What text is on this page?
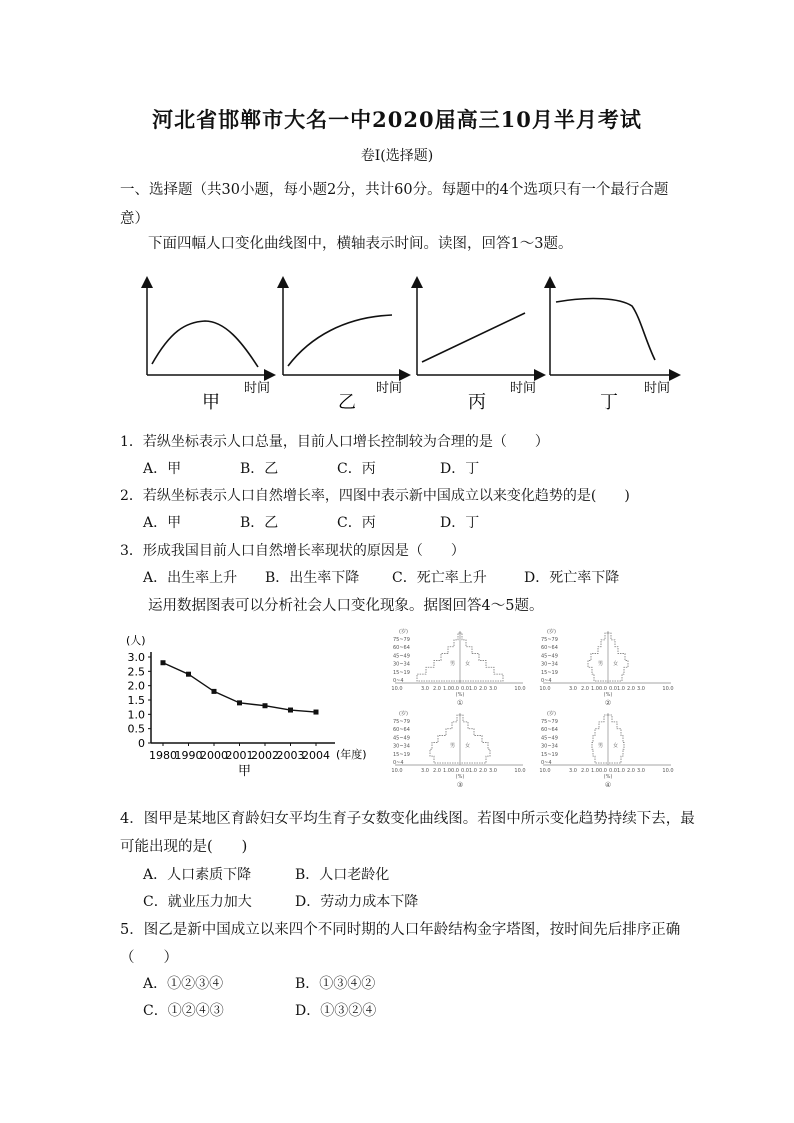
河北省邯郸市大名一中2020届高三10月半月考试
卷Ⅰ(选择题)
一、选择题（共30小题，每小题2分，共计60分。每题中的4个选项只有一个最行合题
意）
下面四幅人口变化曲线图中，横轴表示时间。读图，回答1～3题。
时间
甲
时间
乙
时间
丙
时间
丁
1．若纵坐标表示人口总量，目前人口增长控制较为合理的是（　　）
A．甲	B．乙	C．丙	D．丁
2．若纵坐标表示人口自然增长率，四图中表示新中国成立以来变化趋势的是(　　)
A．甲	B．乙	C．丙	D．丁
3．形成我国目前人口自然增长率现状的原因是（　　）
A．出生率上升 B．出生率下降 C．死亡率上升	D．死亡率下降
运用数据图表可以分析社会人口变化现象。据图回答4～5题。
(人)
0
0.5
1.0
1.5
2.0
2.5
3.0
1980
1990
2000
2001
2002
2003
2004 (年度)
甲
(岁)
75~79
60~64
45~49
30~34
15~19
0~4
男 女
10.0	3.0 2.0 1.0 0.0 0.0 1.0 2.0 3.0	10.0
(%)
①
(岁)
75~79
60~64
45~49
30~34
15~19
0~4
男 女
10.0	3.0 2.0 1.0 0.0 0.0 1.0 2.0 3.0	10.0
(%)
②
(岁)
75~79
60~64
45~49
30~34
15~19
0~4
男 女
10.0	3.0 2.0 1.0 0.0 0.0 1.0 2.0 3.0	10.0
(%)
③
(岁)
75~79
60~64
45~49
30~34
15~19
0~4
男 女
10.0	3.0 2.0 1.0 0.0 0.0 1.0 2.0 3.0	10.0
(%)
④
4．图甲是某地区育龄妇女平均生育子女数变化曲线图。若图中所示变化趋势持续下去，最
可能出现的是(　　)
A．人口素质下降	B．人口老龄化
C．就业压力加大	D．劳动力成本下降
5．图乙是新中国成立以来四个不同时期的人口年龄结构金字塔图，按时间先后排序正确
（　　）
A．①②③④	B．①③④②
C．①②④③	D．①③②④
